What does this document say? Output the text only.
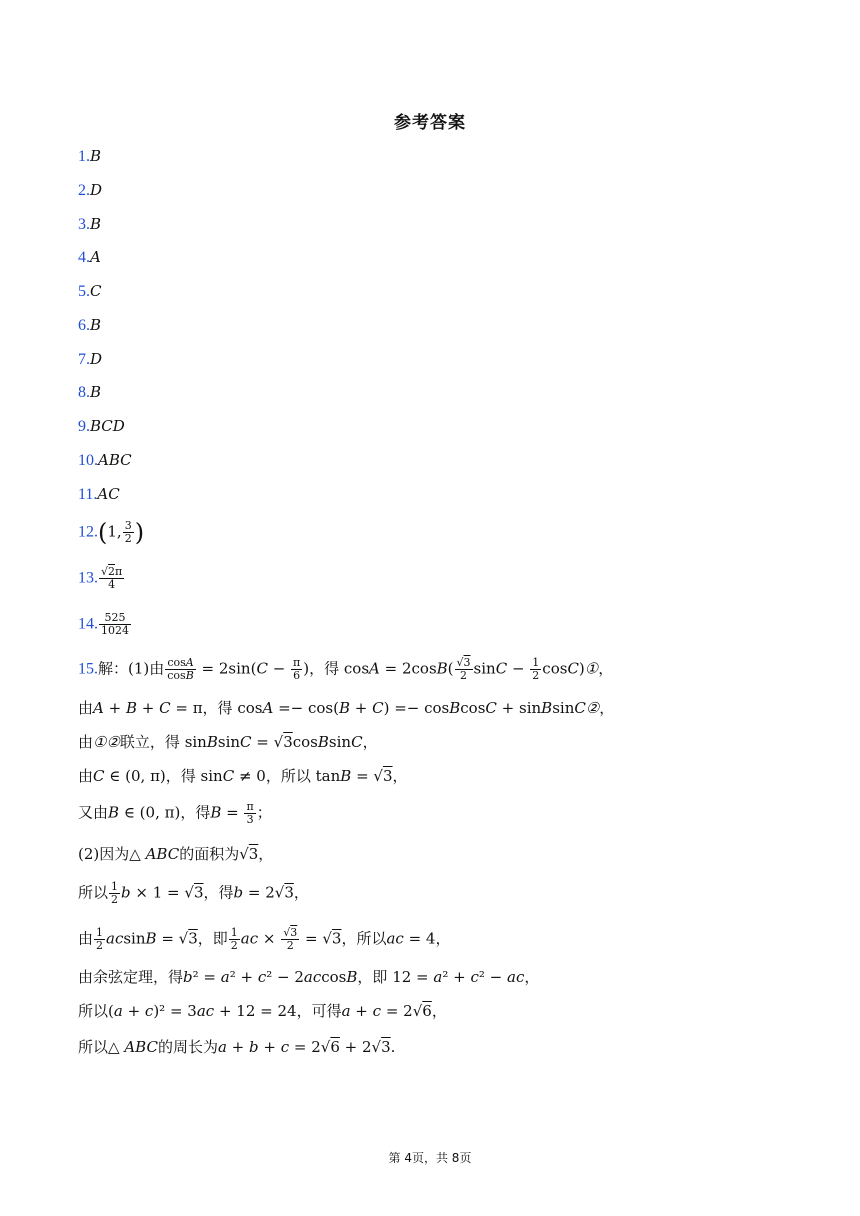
参考答案
1.B
2.D
3.B
4.A
5.C
6.B
7.D
8.B
9.BCD
10.ABC
11.AC
12.(1, $\frac{3}{2}$ )
13. $\frac{√2\pi}{4}$
14. $\frac{525}{1024}$
15.解：(1)由 $\frac{\cos A}{\cos B} = 2\sin(C - \frac{\pi}{6}$ )，得 $\cos A = 2\cos B( \frac{√3}{2}$ $\sin C - \frac{1}{2}$ cosC)①，
由A + B + C = π，得 cosA =− cos(B + C) =− cosBcosC + sinBsinC②，
由①②联立，得 sinBsinC = √3cosBsinC，
由C ∈ (0, π)，得 sinC ≠ 0，所以 tanB = √3，
又由B ∈ (0, π)，得$B = \frac{\pi}{3}$ ；
(2)因为△ ABC的面积为√3，
所以 $\frac{1}{2}$ b × 1 = √3，得b = 2√3，
由 $\frac{1}{2}$ acsinB = √3，即 $\frac{1}{2}$ ac × $\frac{√3}{2} = √3$，所以ac = 4，
由余弦定理，得b² = a² + c² − 2accosB，即 12 = a² + c² − ac，
所以(a + c)² = 3ac + 12 = 24，可得a + c = 2√6，
所以△ ABC的周长为a + b + c = 2√6 + 2√3.
第 4页，共 8页
